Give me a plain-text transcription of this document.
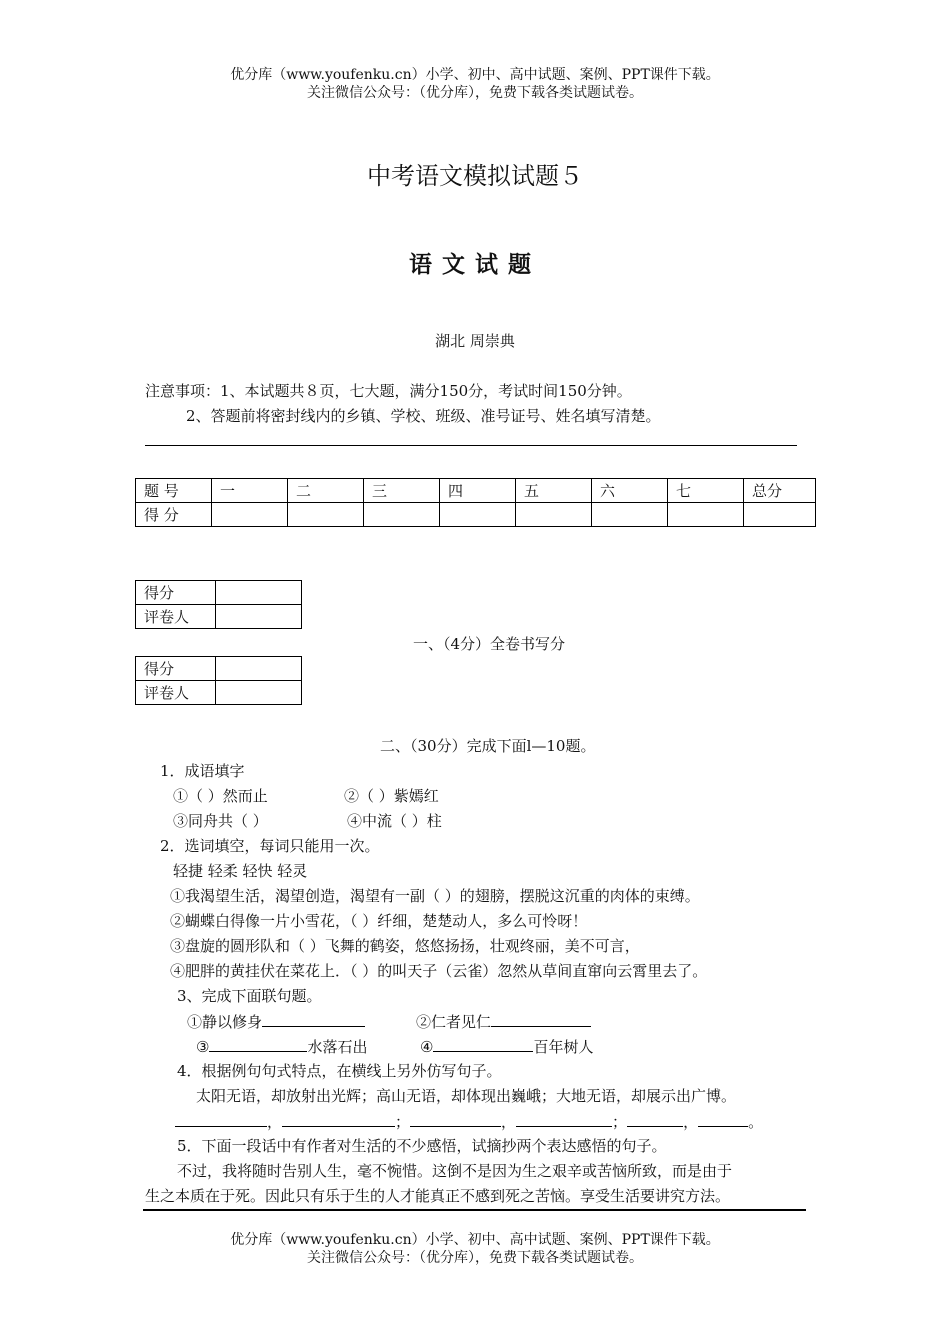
优分库（www.youfenku.cn）小学、初中、高中试题、案例、PPT课件下载。
关注微信公众号：（优分库），免费下载各类试题试卷。
中考语文模拟试题５
语文试题
湖北 周崇典
注意事项：1、本试题共８页，七大题，满分150分，考试时间150分钟。
2、答题前将密封线内的乡镇、学校、班级、准号证号、姓名填写清楚。
题 号	一	二	三	四	五	六	七	总分
得 分								
得分	
评卷人	
一、（4分）全卷书写分
得分	
评卷人	
二、（30分）完成下面l—10题。
1．成语填字
①（ ）然而止	②（ ）紫嫣红
③同舟共（ ）	④中流（ ）柱
2．选词填空，每词只能用一次。
轻捷 轻柔 轻快 轻灵
①我渴望生活，渴望创造，渴望有一副（ ）的翅膀，摆脱这沉重的肉体的束缚。
②蝴蝶白得像一片小雪花，（ ）纤细，楚楚动人，多么可怜呀！
③盘旋的圆形队和（ ）飞舞的鹤姿，悠悠扬扬，壮观终丽，美不可言，
④肥胖的黄挂伏在菜花上．（ ）的叫天子（云雀）忽然从草间直窜向云霄里去了。
3、完成下面联句题。
①静以修身	②仁者见仁
③	水落石出	④	百年树人
4．根据例句句式特点，在横线上另外仿写句子。
太阳无语，却放射出光辉；高山无语，却体现出巍峨；大地无语，却展示出广博。
，	；	，	；	，	。
5．下面一段话中有作者对生活的不少感悟，试摘抄两个表达感悟的句子。
不过，我将随时告别人生，毫不惋惜。这倒不是因为生之艰辛或苦恼所致，而是由于
生之本质在于死。因此只有乐于生的人才能真正不感到死之苦恼。享受生活要讲究方法。
优分库（www.youfenku.cn）小学、初中、高中试题、案例、PPT课件下载。
关注微信公众号：（优分库），免费下载各类试题试卷。
